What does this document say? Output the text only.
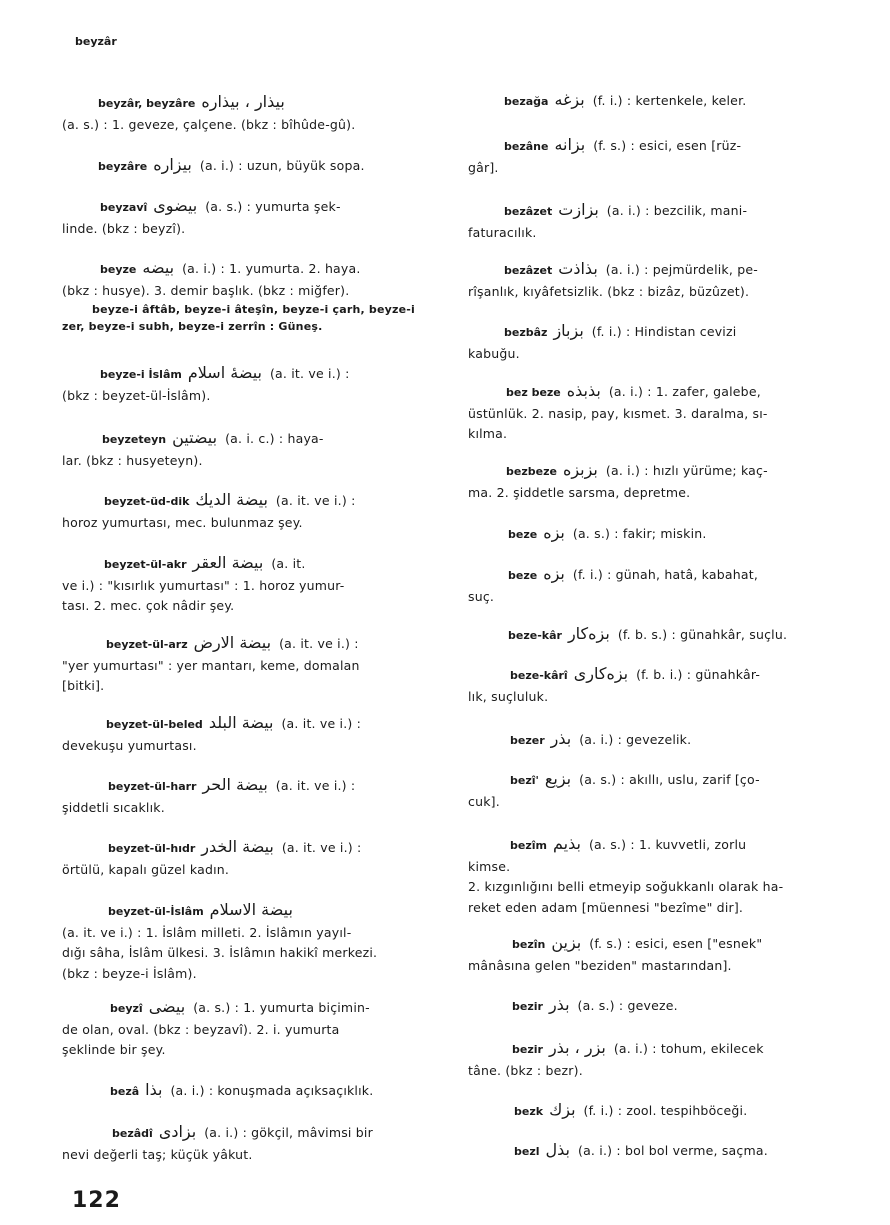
beyzâr
beyzâr, beyzâre بيذار ، بيذاره
(a. s.) : 1. geveze, çalçene. (bkz : bîhûde-gû).
beyzâre بيزاره (a. i.) : uzun, büyük sopa.
beyzavî بيضوى (a. s.) : yumurta şek-
linde. (bkz : beyzî).
beyze بيضه (a. i.) : 1. yumurta. 2. haya.
(bkz : husye). 3. demir başlık. (bkz : miğfer).
beyze-i âftâb, beyze-i âteşîn, beyze-i çarh, beyze-i
zer, beyze-i subh, beyze-i zerrîn : Güneş.
beyze-i İslâm بيضهٔ اسلام (a. it. ve i.) :
(bkz : beyzet-ül-İslâm).
beyzeteyn بيضتين (a. i. c.) : haya-
lar. (bkz : husyeteyn).
beyzet-üd-dik بيضة الديك (a. it. ve i.) :
horoz yumurtası, mec. bulunmaz şey.
beyzet-ül-akr بيضة العقر (a. it.
ve i.) : "kısırlık yumurtası" : 1. horoz yumur-
tası. 2. mec. çok nâdir şey.
beyzet-ül-arz بيضة الارض (a. it. ve i.) :
"yer yumurtası" : yer mantarı, keme, domalan
[bitki].
beyzet-ül-beled بيضة البلد (a. it. ve i.) :
devekuşu yumurtası.
beyzet-ül-harr بيضة الحر (a. it. ve i.) :
şiddetli sıcaklık.
beyzet-ül-hıdr بيضة الخدر (a. it. ve i.) :
örtülü, kapalı güzel kadın.
beyzet-ül-İslâm بيضة الاسلام
(a. it. ve i.) : 1. İslâm milleti. 2. İslâmın yayıl-
dığı sâha, İslâm ülkesi. 3. İslâmın hakikî merkezi.
(bkz : beyze-i İslâm).
beyzî بيضى (a. s.) : 1. yumurta biçimin-
de olan, oval. (bkz : beyzavî). 2. i. yumurta
şeklinde bir şey.
bezâ بذا (a. i.) : konuşmada açıksaçıklık.
bezâdî بزادى (a. i.) : gökçil, mâvimsi bir
nevi değerli taş; küçük yâkut.
bezağa بزغه (f. i.) : kertenkele, keler.
bezâne بزانه (f. s.) : esici, esen [rüz-
gâr].
bezâzet بزازت (a. i.) : bezcilik, mani-
faturacılık.
bezâzet بذاذت (a. i.) : pejmürdelik, pe-
rîşanlık, kıyâfetsizlik. (bkz : bizâz, büzûzet).
bezbâz بزباز (f. i.) : Hindistan cevizi
kabuğu.
bez beze بذبذه (a. i.) : 1. zafer, galebe,
üstünlük. 2. nasip, pay, kısmet. 3. daralma, sı-
kılma.
bezbeze بزبزه (a. i.) : hızlı yürüme; kaç-
ma. 2. şiddetle sarsma, depretme.
beze بزه (a. s.) : fakir; miskin.
beze بزه (f. i.) : günah, hatâ, kabahat,
suç.
beze-kâr بزه‌كار (f. b. s.) : günahkâr, suçlu.
beze-kârî بزه‌كارى (f. b. i.) : günahkâr-
lık, suçluluk.
bezer بذر (a. i.) : gevezelik.
bezî' بزيع (a. s.) : akıllı, uslu, zarif [ço-
cuk].
bezîm بذيم (a. s.) : 1. kuvvetli, zorlu
kimse.
2. kızgınlığını belli etmeyip soğukkanlı olarak ha-
reket eden adam [müennesi "bezîme" dir].
bezîn بزين (f. s.) : esici, esen ["esnek"
mânâsına gelen "beziden" mastarından].
bezir بذر (a. s.) : geveze.
bezir بزر ، بذر (a. i.) : tohum, ekilecek
tâne. (bkz : bezr).
bezk بزك (f. i.) : zool. tespihböceği.
bezl بذل (a. i.) : bol bol verme, saçma.
122
